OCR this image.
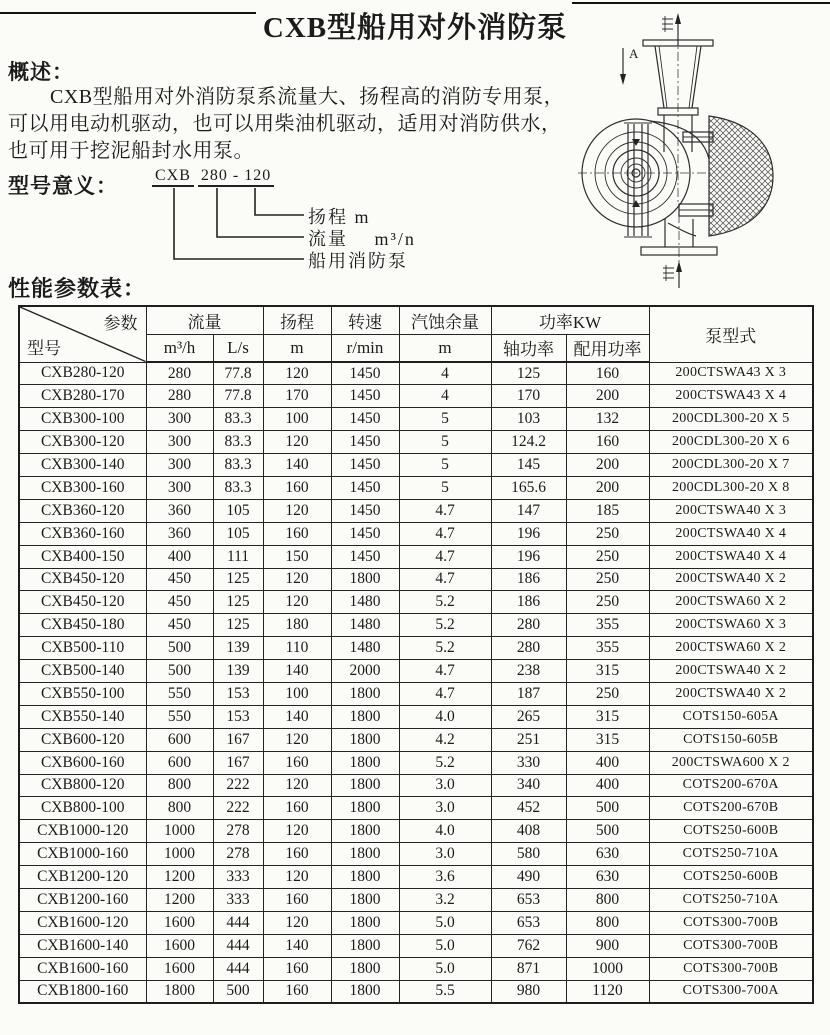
CXB型船用对外消防泵
概述：
CXB型船用对外消防泵系流量大、扬程高的消防专用泵，可以用电动机驱动，也可以用柴油机驱动，适用对消防供水，也可用于挖泥船封水用泵。
型号意义： CXB 280 - 120
扬程 m
流量　 m³/n
船用消防泵
性能参数表：
A
参数
型号	流量		扬程	转速	汽蚀余量	功率KW		泵型式
	m³/h	L/s	m	r/min	m	轴功率	配用功率	
CXB280-120	280	77.8	120	1450	4	125	160	200CTSWA43 X 3
CXB280-170	280	77.8	170	1450	4	170	200	200CTSWA43 X 4
CXB300-100	300	83.3	100	1450	5	103	132	200CDL300-20 X 5
CXB300-120	300	83.3	120	1450	5	124.2	160	200CDL300-20 X 6
CXB300-140	300	83.3	140	1450	5	145	200	200CDL300-20 X 7
CXB300-160	300	83.3	160	1450	5	165.6	200	200CDL300-20 X 8
CXB360-120	360	105	120	1450	4.7	147	185	200CTSWA40 X 3
CXB360-160	360	105	160	1450	4.7	196	250	200CTSWA40 X 4
CXB400-150	400	111	150	1450	4.7	196	250	200CTSWA40 X 4
CXB450-120	450	125	120	1800	4.7	186	250	200CTSWA40 X 2
CXB450-120	450	125	120	1480	5.2	186	250	200CTSWA60 X 2
CXB450-180	450	125	180	1480	5.2	280	355	200CTSWA60 X 3
CXB500-110	500	139	110	1480	5.2	280	355	200CTSWA60 X 2
CXB500-140	500	139	140	2000	4.7	238	315	200CTSWA40 X 2
CXB550-100	550	153	100	1800	4.7	187	250	200CTSWA40 X 2
CXB550-140	550	153	140	1800	4.0	265	315	COTS150-605A
CXB600-120	600	167	120	1800	4.2	251	315	COTS150-605B
CXB600-160	600	167	160	1800	5.2	330	400	200CTSWA600 X 2
CXB800-120	800	222	120	1800	3.0	340	400	COTS200-670A
CXB800-100	800	222	160	1800	3.0	452	500	COTS200-670B
CXB1000-120	1000	278	120	1800	4.0	408	500	COTS250-600B
CXB1000-160	1000	278	160	1800	3.0	580	630	COTS250-710A
CXB1200-120	1200	333	120	1800	3.6	490	630	COTS250-600B
CXB1200-160	1200	333	160	1800	3.2	653	800	COTS250-710A
CXB1600-120	1600	444	120	1800	5.0	653	800	COTS300-700B
CXB1600-140	1600	444	140	1800	5.0	762	900	COTS300-700B
CXB1600-160	1600	444	160	1800	5.0	871	1000	COTS300-700B
CXB1800-160	1800	500	160	1800	5.5	980	1120	COTS300-700A
